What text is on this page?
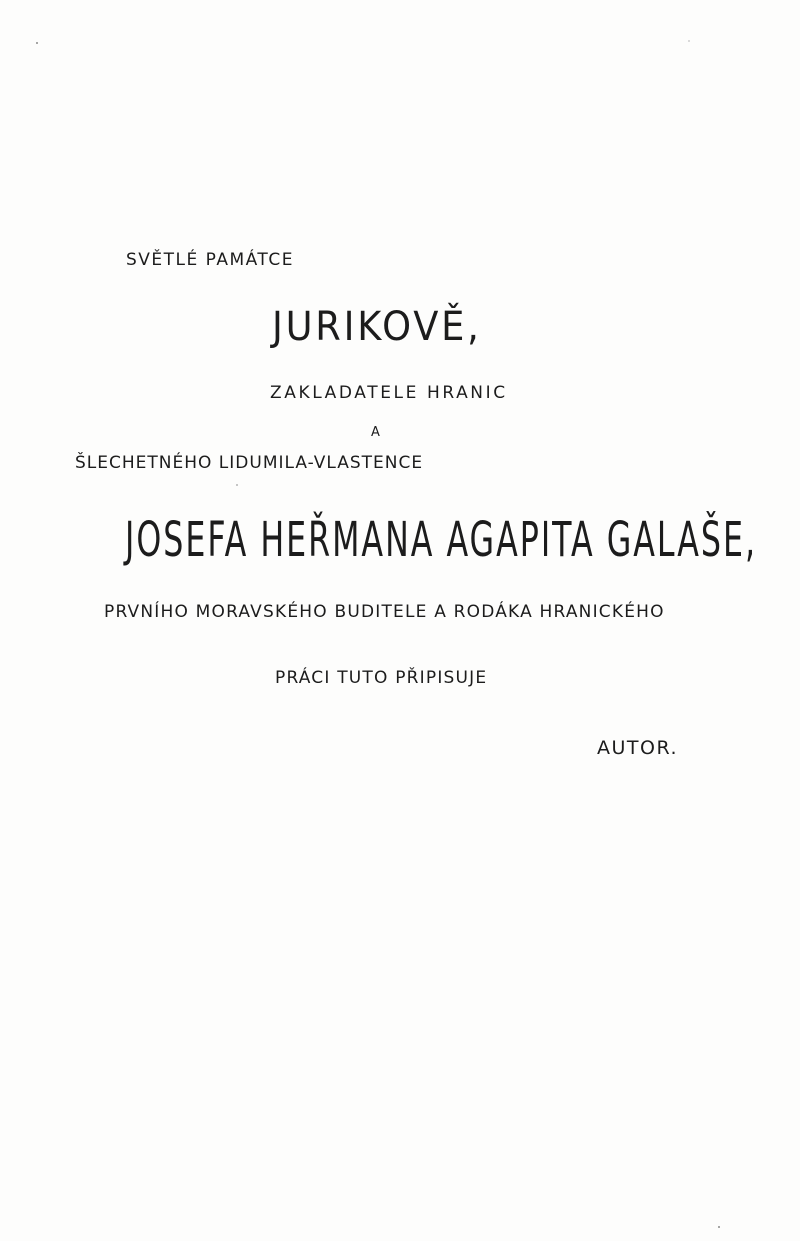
SVĚTLÉ PAMÁTCE
JURIKOVĚ,
ZAKLADATELE HRANIC
A
ŠLECHETNÉHO LIDUMILA-VLASTENCE
JOSEFA HEŘMANA AGAPITA GALAŠE,
PRVNÍHO MORAVSKÉHO BUDITELE A RODÁKA HRANICKÉHO
PRÁCI TUTO PŘIPISUJE
AUTOR.
